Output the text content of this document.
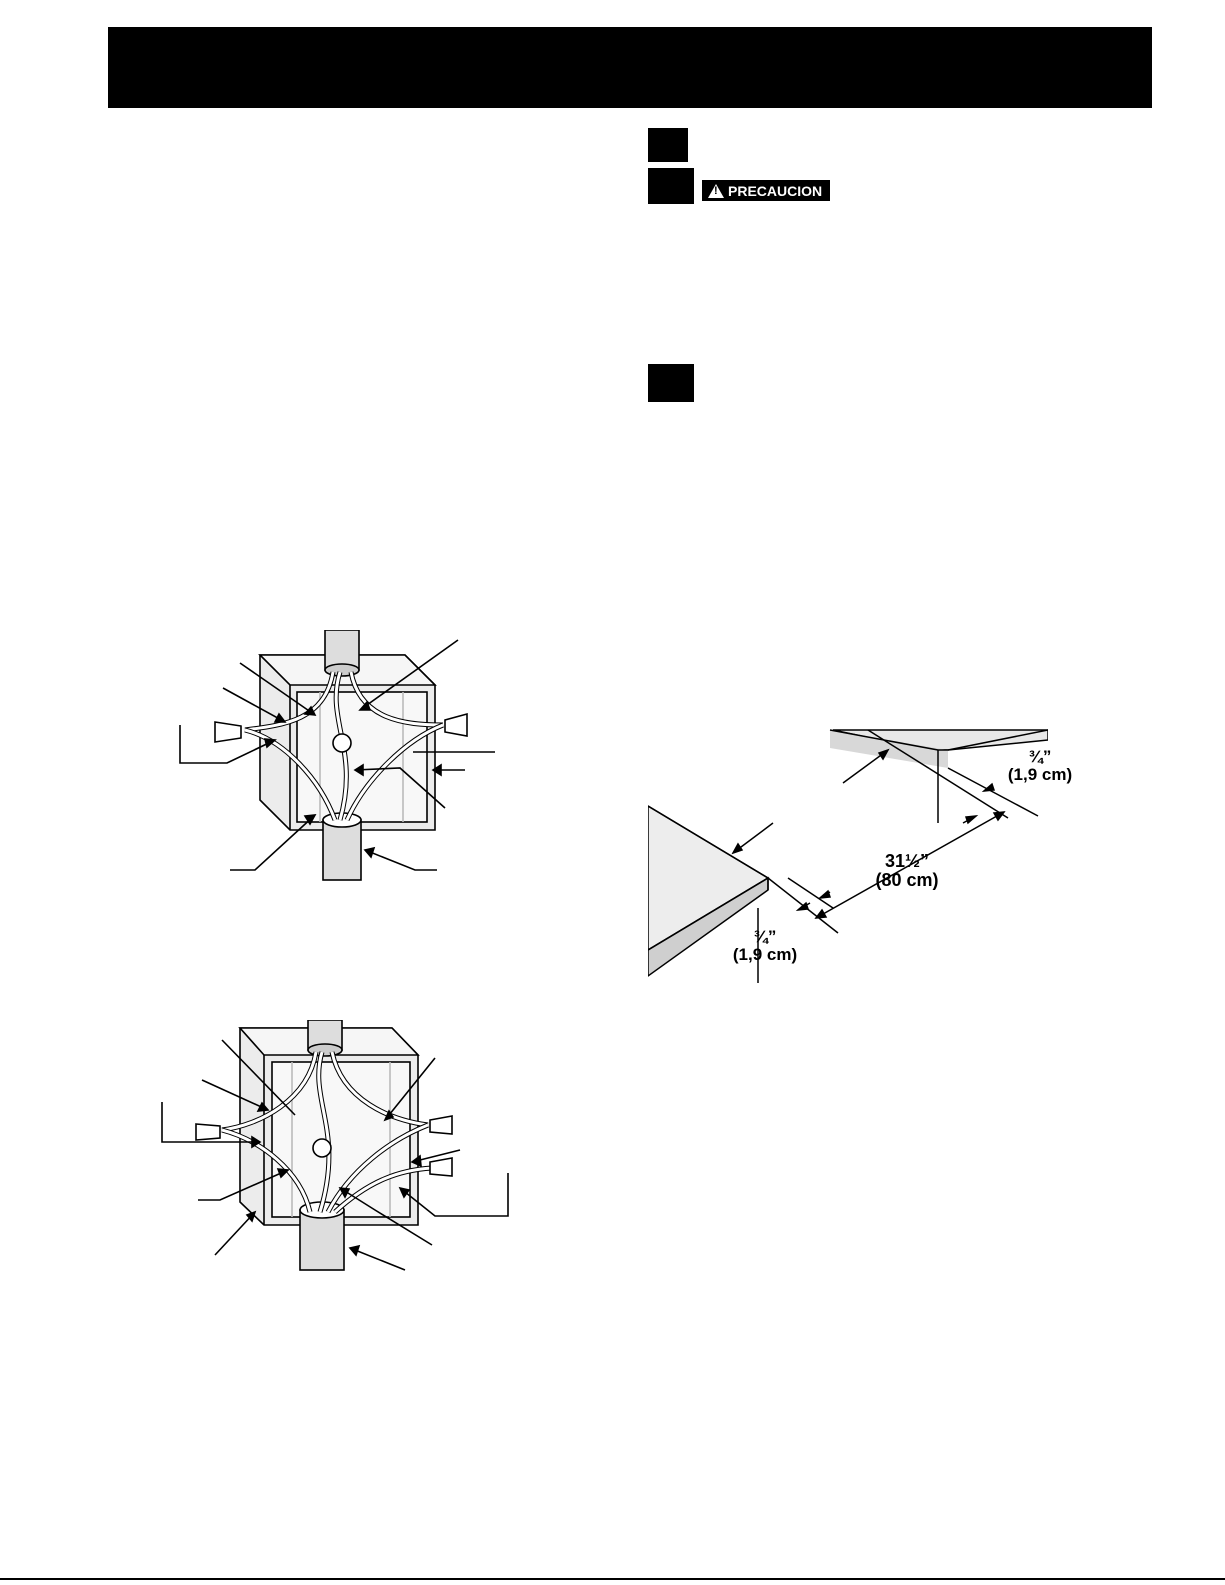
!
PRECAUCION
¾”
(1,9 cm)
31½”
(80 cm)
¾”
(1,9 cm)
